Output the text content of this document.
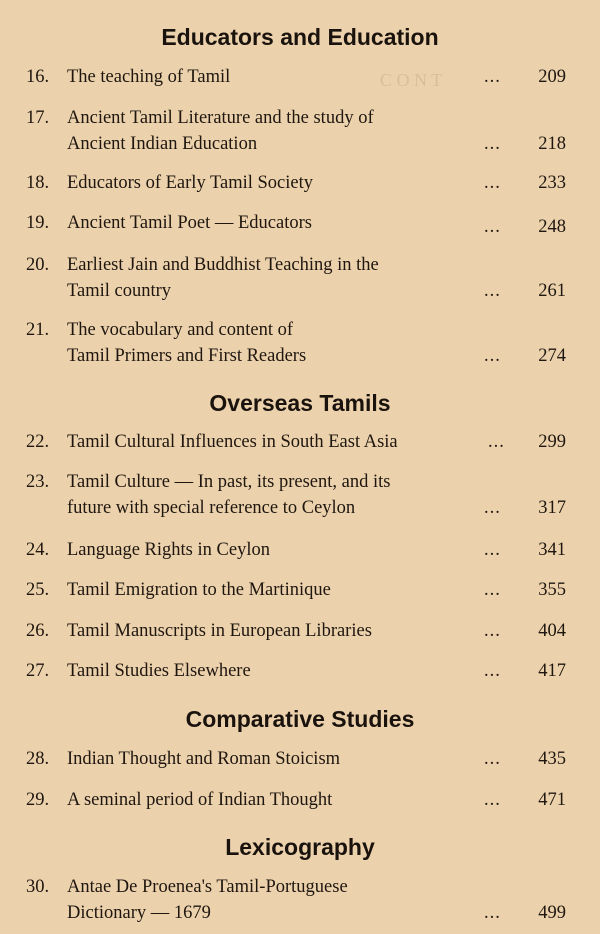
C O N T
Educators and Education
16. The teaching of Tamil	...	209
17. Ancient Tamil Literature and the study of
Ancient Indian Education	...	218
18. Educators of Early Tamil Society	...	233
19. Ancient Tamil Poet — Educators	...	248
20. Earliest Jain and Buddhist Teaching in the
Tamil country	...	261
21. The vocabulary and content of
Tamil Primers and First Readers	...	274
Overseas Tamils
22. Tamil Cultural Influences in South East Asia	...	299
23. Tamil Culture — In past, its present, and its
future with special reference to Ceylon	...	317
24. Language Rights in Ceylon	...	341
25. Tamil Emigration to the Martinique	...	355
26. Tamil Manuscripts in European Libraries	...	404
27. Tamil Studies Elsewhere	...	417
Comparative Studies
28. Indian Thought and Roman Stoicism	...	435
29. A seminal period of Indian Thought	...	471
Lexicography
30. Antae De Proenea's Tamil-Portuguese
Dictionary — 1679	...	499
